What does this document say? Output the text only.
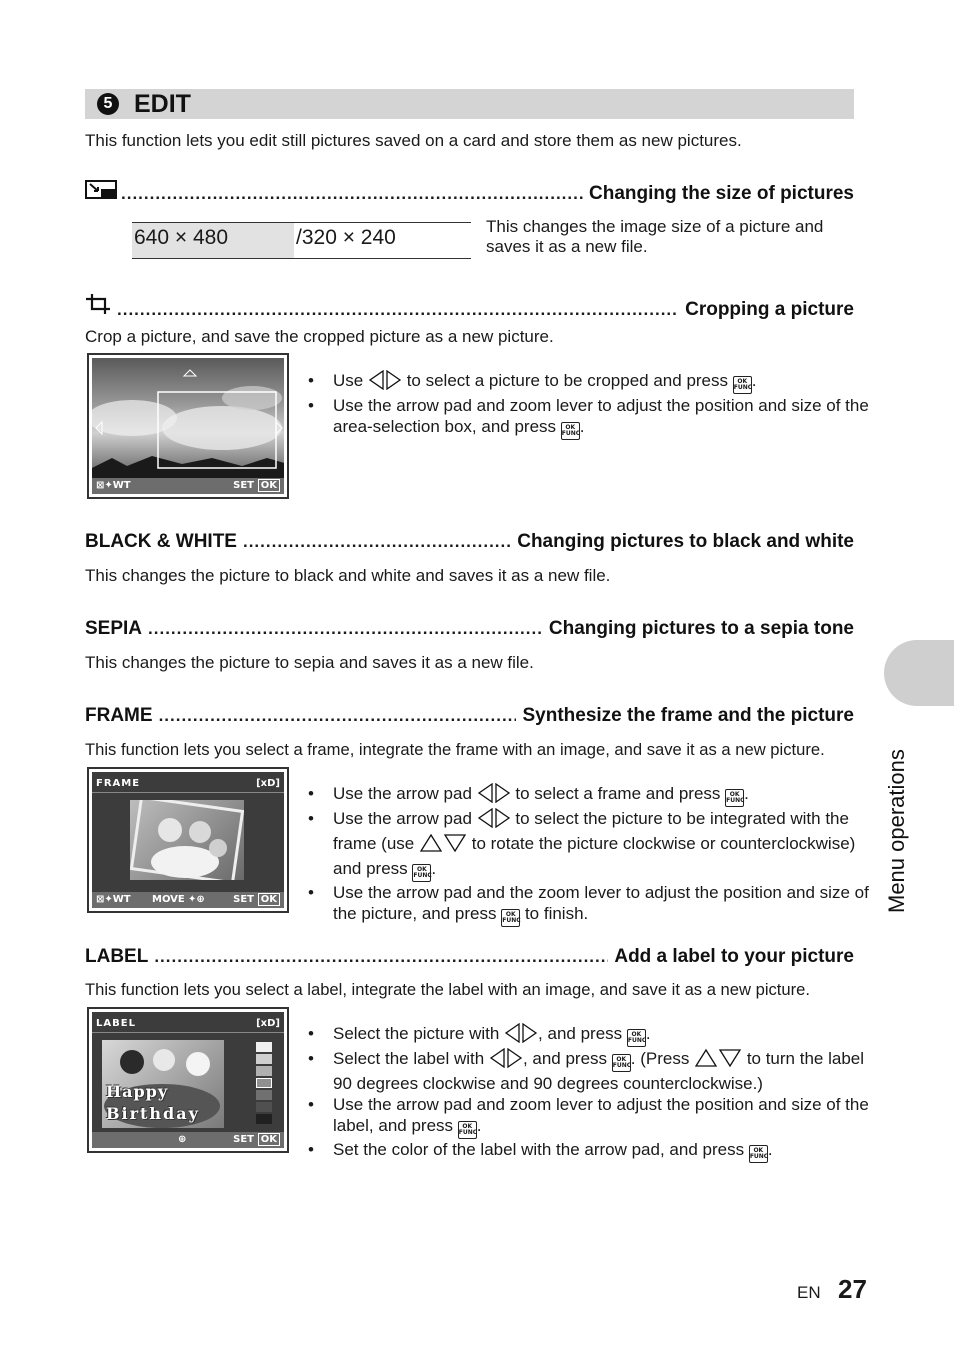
5 EDIT
This function lets you edit still pictures saved on a card and store them as new pictures.
.....
Changing the size of pictures
640 × 480	/320 × 240	This changes the image size of a picture and saves it as a new file.
.....
Cropping a picture
Crop a picture, and save the cropped picture as a new picture.
⊠✦WT	SET OK
• Use	to select a picture to be cropped and press OK
FUNC.
• Use the arrow pad and zoom lever to adjust the position and size of the area-selection box, and press OK
FUNC.
BLACK & WHITE .....	Changing pictures to black and white
This changes the picture to black and white and saves it as a new file.
SEPIA .....	Changing pictures to a sepia tone
This changes the picture to sepia and saves it as a new file.
FRAME .....	Synthesize the frame and the picture
This function lets you select a frame, integrate the frame with an image, and save it as a new picture.
FRAME	[xD]
⊠✦WT MOVE ✦⊕	SET OK
• Use the arrow pad	to select a frame and press OK
FUNC.
• Use the arrow pad	to select the picture to be integrated with the frame (use	to rotate the picture clockwise or counterclockwise) and press OK
FUNC.
• Use the arrow pad and the zoom lever to adjust the position and size of the picture, and press OK
FUNC to finish.
LABEL .....	Add a label to your picture
This function lets you select a label, integrate the label with an image, and save it as a new picture.
LABEL	[xD]
Happy
Birthday
⊕	SET OK
• Select the picture with , and press OK
FUNC.
• Select the label with , and press OK
FUNC. (Press	to turn the label 90 degrees clockwise and 90 degrees counterclockwise.)
• Use the arrow pad and zoom lever to adjust the position and size of the label, and press OK
FUNC.
• Set the color of the label with the arrow pad, and press OK
FUNC.
Menu operations
EN 27
